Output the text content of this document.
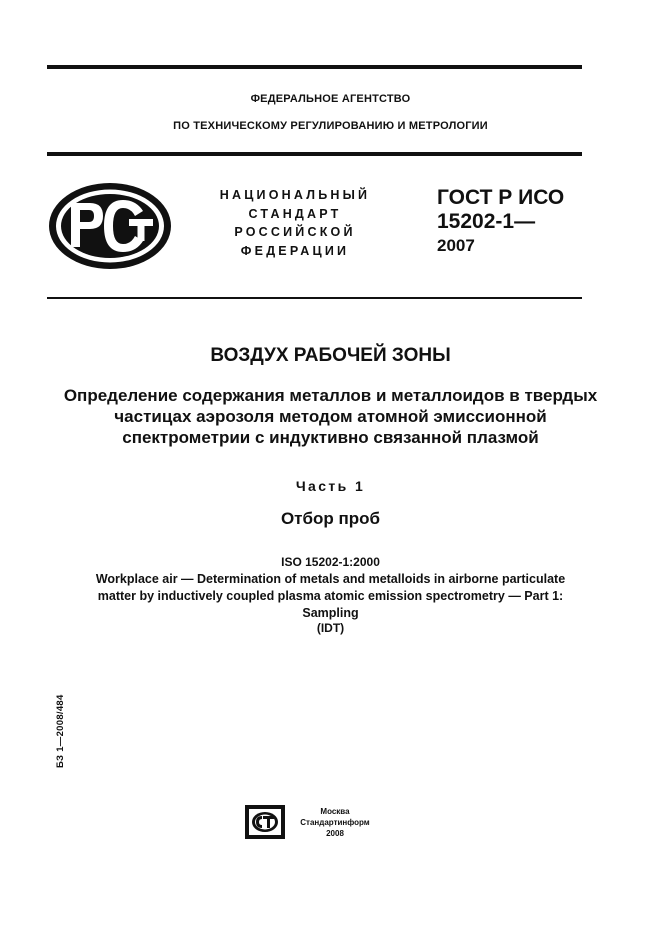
ФЕДЕРАЛЬНОЕ АГЕНТСТВО
ПО ТЕХНИЧЕСКОМУ РЕГУЛИРОВАНИЮ И МЕТРОЛОГИИ
НАЦИОНАЛЬНЫЙ
СТАНДАРТ
РОССИЙСКОЙ
ФЕДЕРАЦИИ
ГОСТ Р ИСО
15202-1—
2007
ВОЗДУХ РАБОЧЕЙ ЗОНЫ
Определение содержания металлов и металлоидов в твердых частицах аэрозоля методом атомной эмиссионной спектрометрии с индуктивно связанной плазмой
Часть 1
Отбор проб
ISO 15202-1:2000
Workplace air — Determination of metals and metalloids in airborne particulate matter by inductively coupled plasma atomic emission spectrometry — Part 1: Sampling
(IDT)
БЗ 1—2008/484
Москва
Стандартинформ
2008
